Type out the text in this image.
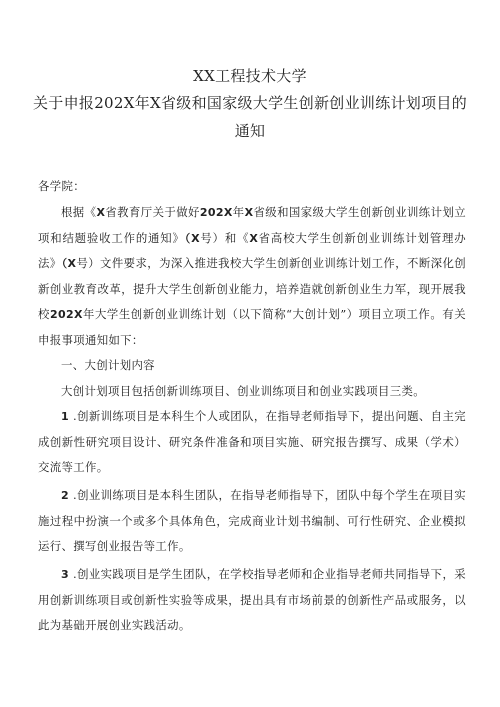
XX工程技术大学
关于申报202X年X省级和国家级大学生创新创业训练计划项目的
通知

各学院：

根据《X省教育厅关于做好202X年X省级和国家级大学生创新创业训练计划立项和结题验收工作的通知》（X号）和《X省高校大学生创新创业训练计划管理办法》（X号）文件要求，为深入推进我校大学生创新创业训练计划工作，不断深化创新创业教育改革，提升大学生创新创业能力，培养造就创新创业生力军，现开展我校202X年大学生创新创业训练计划（以下简称“大创计划”）项目立项工作。有关申报事项通知如下：

一、大创计划内容

大创计划项目包括创新训练项目、创业训练项目和创业实践项目三类。

1 .创新训练项目是本科生个人或团队，在指导老师指导下，提出问题、自主完成创新性研究项目设计、研究条件准备和项目实施、研究报告撰写、成果（学术）交流等工作。

2 .创业训练项目是本科生团队，在指导老师指导下，团队中每个学生在项目实施过程中扮演一个或多个具体角色，完成商业计划书编制、可行性研究、企业模拟运行、撰写创业报告等工作。

3 .创业实践项目是学生团队，在学校指导老师和企业指导老师共同指导下，采用创新训练项目或创新性实验等成果，提出具有市场前景的创新性产品或服务，以此为基础开展创业实践活动。
